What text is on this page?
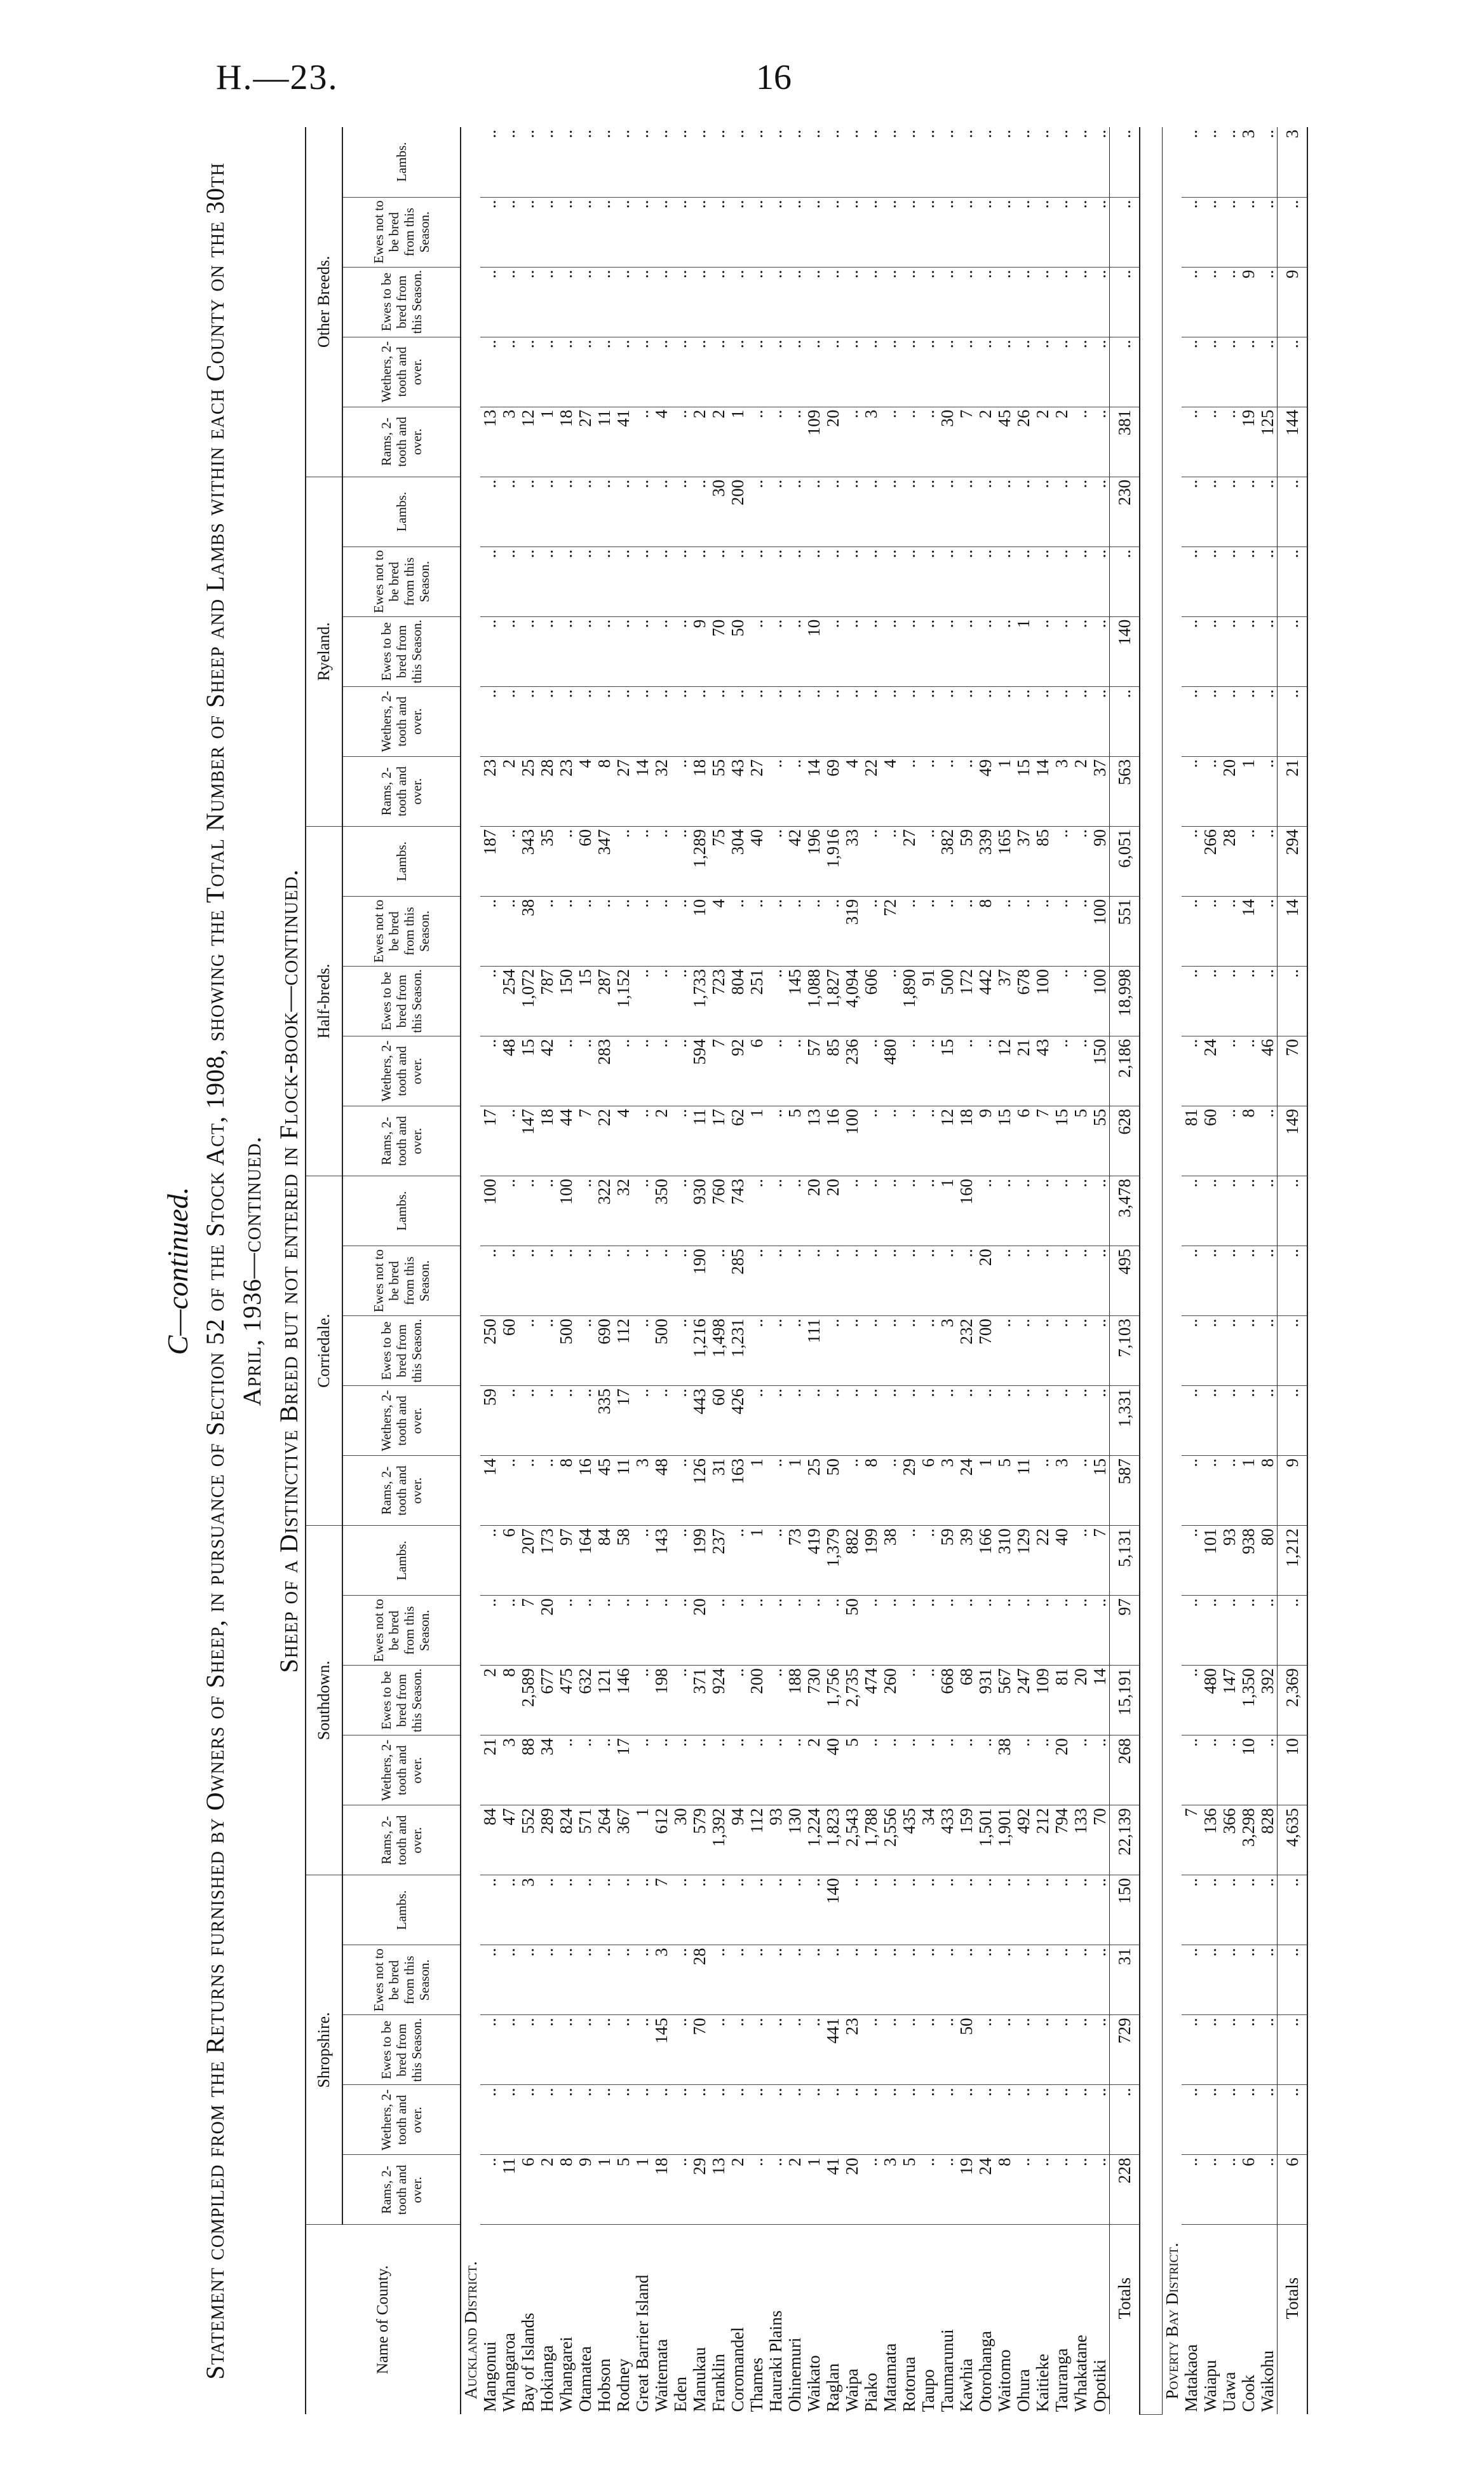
H.—23.	16
C—continued. Statement compiled from the Returns furnished by Owners of Sheep, in pursuance of Section 52 of the Stock Act, 1908, showing the Total Number of Sheep and Lambs within each County on the 30th April, 1936—continued. Sheep of a Distinctive Breed but not entered in Flock-book—continued.
Name of County.	Shropshire.					Southdown.					Corriedale.					Half-breds.					Ryeland.					Other Breeds.				
	Rams, 2-tooth and over.	Wethers, 2-tooth and over.	Ewes to be bred from this Season.	Ewes not to be bred from this Season.	Lambs.	Rams, 2-tooth and over.	Wethers, 2-tooth and over.	Ewes to be bred from this Season.	Ewes not to be bred from this Season.	Lambs.	Rams, 2-tooth and over.	Wethers, 2-tooth and over.	Ewes to be bred from this Season.	Ewes not to be bred from this Season.	Lambs.	Rams, 2-tooth and over.	Wethers, 2-tooth and over.	Ewes to be bred from this Season.	Ewes not to be bred from this Season.	Lambs.	Rams, 2-tooth and over.	Wethers, 2-tooth and over.	Ewes to be bred from this Season.	Ewes not to be bred from this Season.	Lambs.	Rams, 2-tooth and over.	Wethers, 2-tooth and over.	Ewes to be bred from this Season.	Ewes not to be bred from this Season.	Lambs.
Auckland District.																														
Mangonui	..	..	..	..	..	84	21	2	..	..	14	59	250	..	100	17	..	..	..	187	23	..	..	..	..	13	..	..	..	..
Whangaroa	11	..	..	..	..	47	3	8	..	6	..	..	60	..	..	..	48	254	..	..	2	..	..	..	..	3	..	..	..	..
Bay of Islands	6	..	..	..	3	552	88	2,589	7	207	..	..	..	..	..	147	15	1,072	38	343	25	..	..	..	..	12	..	..	..	..
Hokianga	2	..	..	..	..	289	34	677	20	173	..	..	..	..	..	18	42	787	..	35	28	..	..	..	..	1	..	..	..	..
Whangarei	8	..	..	..	..	824	..	475	..	97	8	..	500	..	100	44	..	150	..	..	23	..	..	..	..	18	..	..	..	..
Otamatea	9	..	..	..	..	571	..	632	..	164	16	..	..	..	..	7	..	15	..	60	4	..	..	..	..	27	..	..	..	..
Hobson	1	..	..	..	..	264	..	121	..	84	45	335	690	..	322	22	283	287	..	347	8	..	..	..	..	11	..	..	..	..
Rodney	5	..	..	..	..	367	17	146	..	58	11	17	112	..	32	4	..	1,152	..	..	27	..	..	..	..	41	..	..	..	..
Great Barrier Island	1	..	..	..	..	1	..	..	..	..	3	..	..	..	..	..	..	..	..	..	14	..	..	..	..	..	..	..	..	..
Waitemata	18	..	145	3	7	612	..	198	..	143	48	..	500	..	350	2	..	..	..	..	32	..	..	..	..	4	..	..	..	..
Eden	..	..	..	..	..	30	..	..	..	..	..	..	..	..	..	..	..	..	..	..	..	..	..	..	..	..	..	..	..	..
Manukau	29	..	70	28	..	579	..	371	20	199	126	443	1,216	190	930	11	594	1,733	10	1,289	18	..	9	..	..	2	..	..	..	..
Franklin	13	..	..	..	..	1,392	..	924	..	237	31	60	1,498	..	760	17	7	723	4	75	55	..	70	..	30	2	..	..	..	..
Coromandel	2	..	..	..	..	94	..	..	..	..	163	426	1,231	285	743	62	92	804	..	304	43	..	50	..	200	1	..	..	..	..
Thames	..	..	..	..	..	112	..	200	..	1	1	..	..	..	..	1	6	251	..	40	27	..	..	..	..	..	..	..	..	..
Hauraki Plains	..	..	..	..	..	93	..	..	..	..	..	..	..	..	..	..	..	..	..	..	..	..	..	..	..	..	..	..	..	..
Ohinemuri	2	..	..	..	..	130	..	188	..	73	1	..	..	..	..	5	..	145	..	42	..	..	..	..	..	..	..	..	..	..
Waikato	1	..	..	..	..	1,224	2	730	..	419	25	..	111	..	20	13	57	1,088	..	196	14	..	10	..	..	109	..	..	..	..
Raglan	41	..	441	..	140	1,823	40	1,756	..	1,379	50	..	..	..	20	16	85	1,827	..	1,916	69	..	..	..	..	20	..	..	..	..
Waipa	20	..	23	..	..	2,543	5	2,735	50	882	..	..	..	..	..	100	236	4,094	319	33	4	..	..	..	..	..	..	..	..	..
Piako	..	..	..	..	..	1,788	..	474	..	199	8	..	..	..	..	..	..	606	..	..	22	..	..	..	..	3	..	..	..	..
Matamata	3	..	..	..	..	2,556	..	260	..	38	..	..	..	..	..	..	480	..	72	..	4	..	..	..	..	..	..	..	..	..
Rotorua	5	..	..	..	..	435	..	..	..	..	29	..	..	..	..	..	..	1,890	..	27	..	..	..	..	..	..	..	..	..	..
Taupo	..	..	..	..	..	34	..	..	..	..	6	..	..	..	..	..	..	91	..	..	..	..	..	..	..	..	..	..	..	..
Taumarunui	..	..	..	..	..	433	..	668	..	59	3	..	3	..	1	12	15	500	..	382	..	..	..	..	..	30	..	..	..	..
Kawhia	19	..	50	..	..	159	..	68	..	39	24	..	232	..	160	18	..	172	..	59	..	..	..	..	..	7	..	..	..	..
Otorohanga	24	..	..	..	..	1,501	..	931	..	166	1	..	700	20	..	9	..	442	8	339	49	..	..	..	..	2	..	..	..	..
Waitomo	8	..	..	..	..	1,901	38	567	..	310	5	..	..	..	..	15	12	37	..	165	1	..	..	..	..	45	..	..	..	..
Ohura	..	..	..	..	..	492	..	247	..	129	11	..	..	..	..	6	21	678	..	37	15	..	1	..	..	26	..	..	..	..
Kaitieke	..	..	..	..	..	212	..	109	..	22	..	..	..	..	..	7	43	100	..	85	14	..	..	..	..	2	..	..	..	..
Tauranga	..	..	..	..	..	794	20	81	..	40	3	..	..	..	..	15	..	..	..	..	3	..	..	..	..	2	..	..	..	..
Whakatane	..	..	..	..	..	133	..	20	..	..	..	..	..	..	..	5	..	..	..	..	2	..	..	..	..	..	..	..	..	..
Opotiki	..	..	..	..	..	70	..	14	..	7	15	..	..	..	..	55	150	100	100	90	37	..	..	..	..	..	..	..	..	..
Totals	228	..	729	31	150	22,139	268	15,191	97	5,131	587	1,331	7,103	495	3,478	628	2,186	18,998	551	6,051	563	..	140	..	230	381	..	..	..	..

Poverty Bay District.																														
Matakaoa	..	..	..	..	..	7	..	..	..	..	..	..	..	..	..	81	..	..	..	..	..	..	..	..	..	..	..	..	..	..
Waiapu	..	..	..	..	..	136	..	480	..	101	..	..	..	..	..	60	24	..	..	266	..	..	..	..	..	..	..	..	..	..
Uawa	..	..	..	..	..	366	..	147	..	93	..	..	..	..	..	..	..	..	..	28	20	..	..	..	..	..	..	..	..	..
Cook	6	..	..	..	..	3,298	10	1,350	..	938	1	..	..	..	..	8	..	..	14	..	1	..	..	..	..	19	..	9	..	3
Waikohu	..	..	..	..	..	828	..	392	..	80	8	..	..	..	..	..	46	..	..	..	..	..	..	..	..	125	..	..	..	..
Totals	6	..	..	..	..	4,635	10	2,369	..	1,212	9	..	..	..	..	149	70	..	14	294	21	..	..	..	..	144	..	9	..	3
